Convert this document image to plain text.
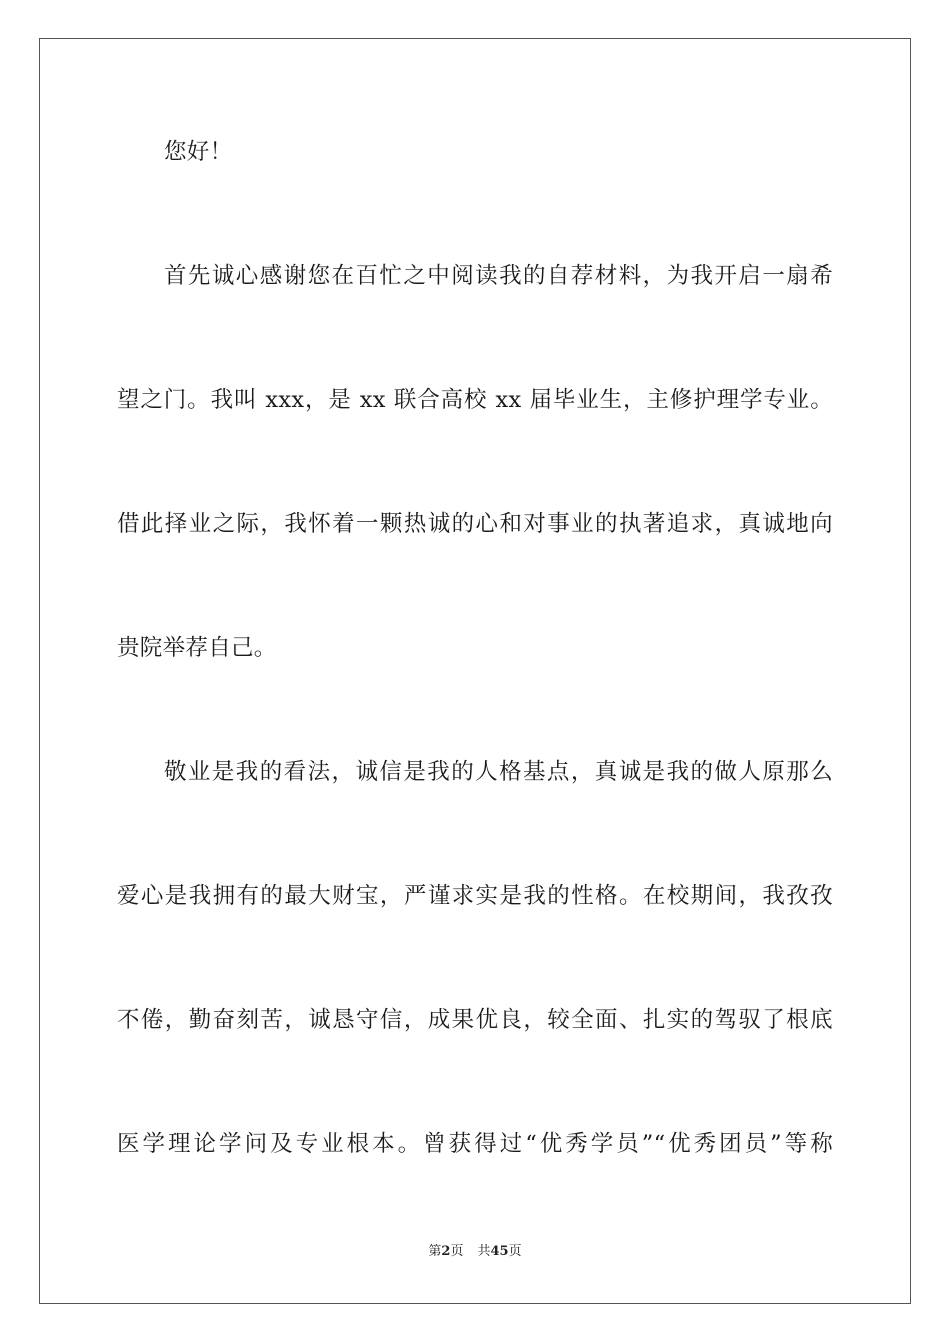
您好！
首先诚心感谢您在百忙之中阅读我的自荐材料，为我开启一扇希
望之门。我叫 xxx，是 xx 联合高校 xx 届毕业生，主修护理学专业。
借此择业之际，我怀着一颗热诚的心和对事业的执著追求，真诚地向
贵院举荐自己。
敬业是我的看法，诚信是我的人格基点，真诚是我的做人原那么
爱心是我拥有的最大财宝，严谨求实是我的性格。在校期间，我孜孜
不倦，勤奋刻苦，诚恳守信，成果优良，较全面、扎实的驾驭了根底
医学理论学问及专业根本。曾获得过“优秀学员”“优秀团员”等称
第2页 共45页
